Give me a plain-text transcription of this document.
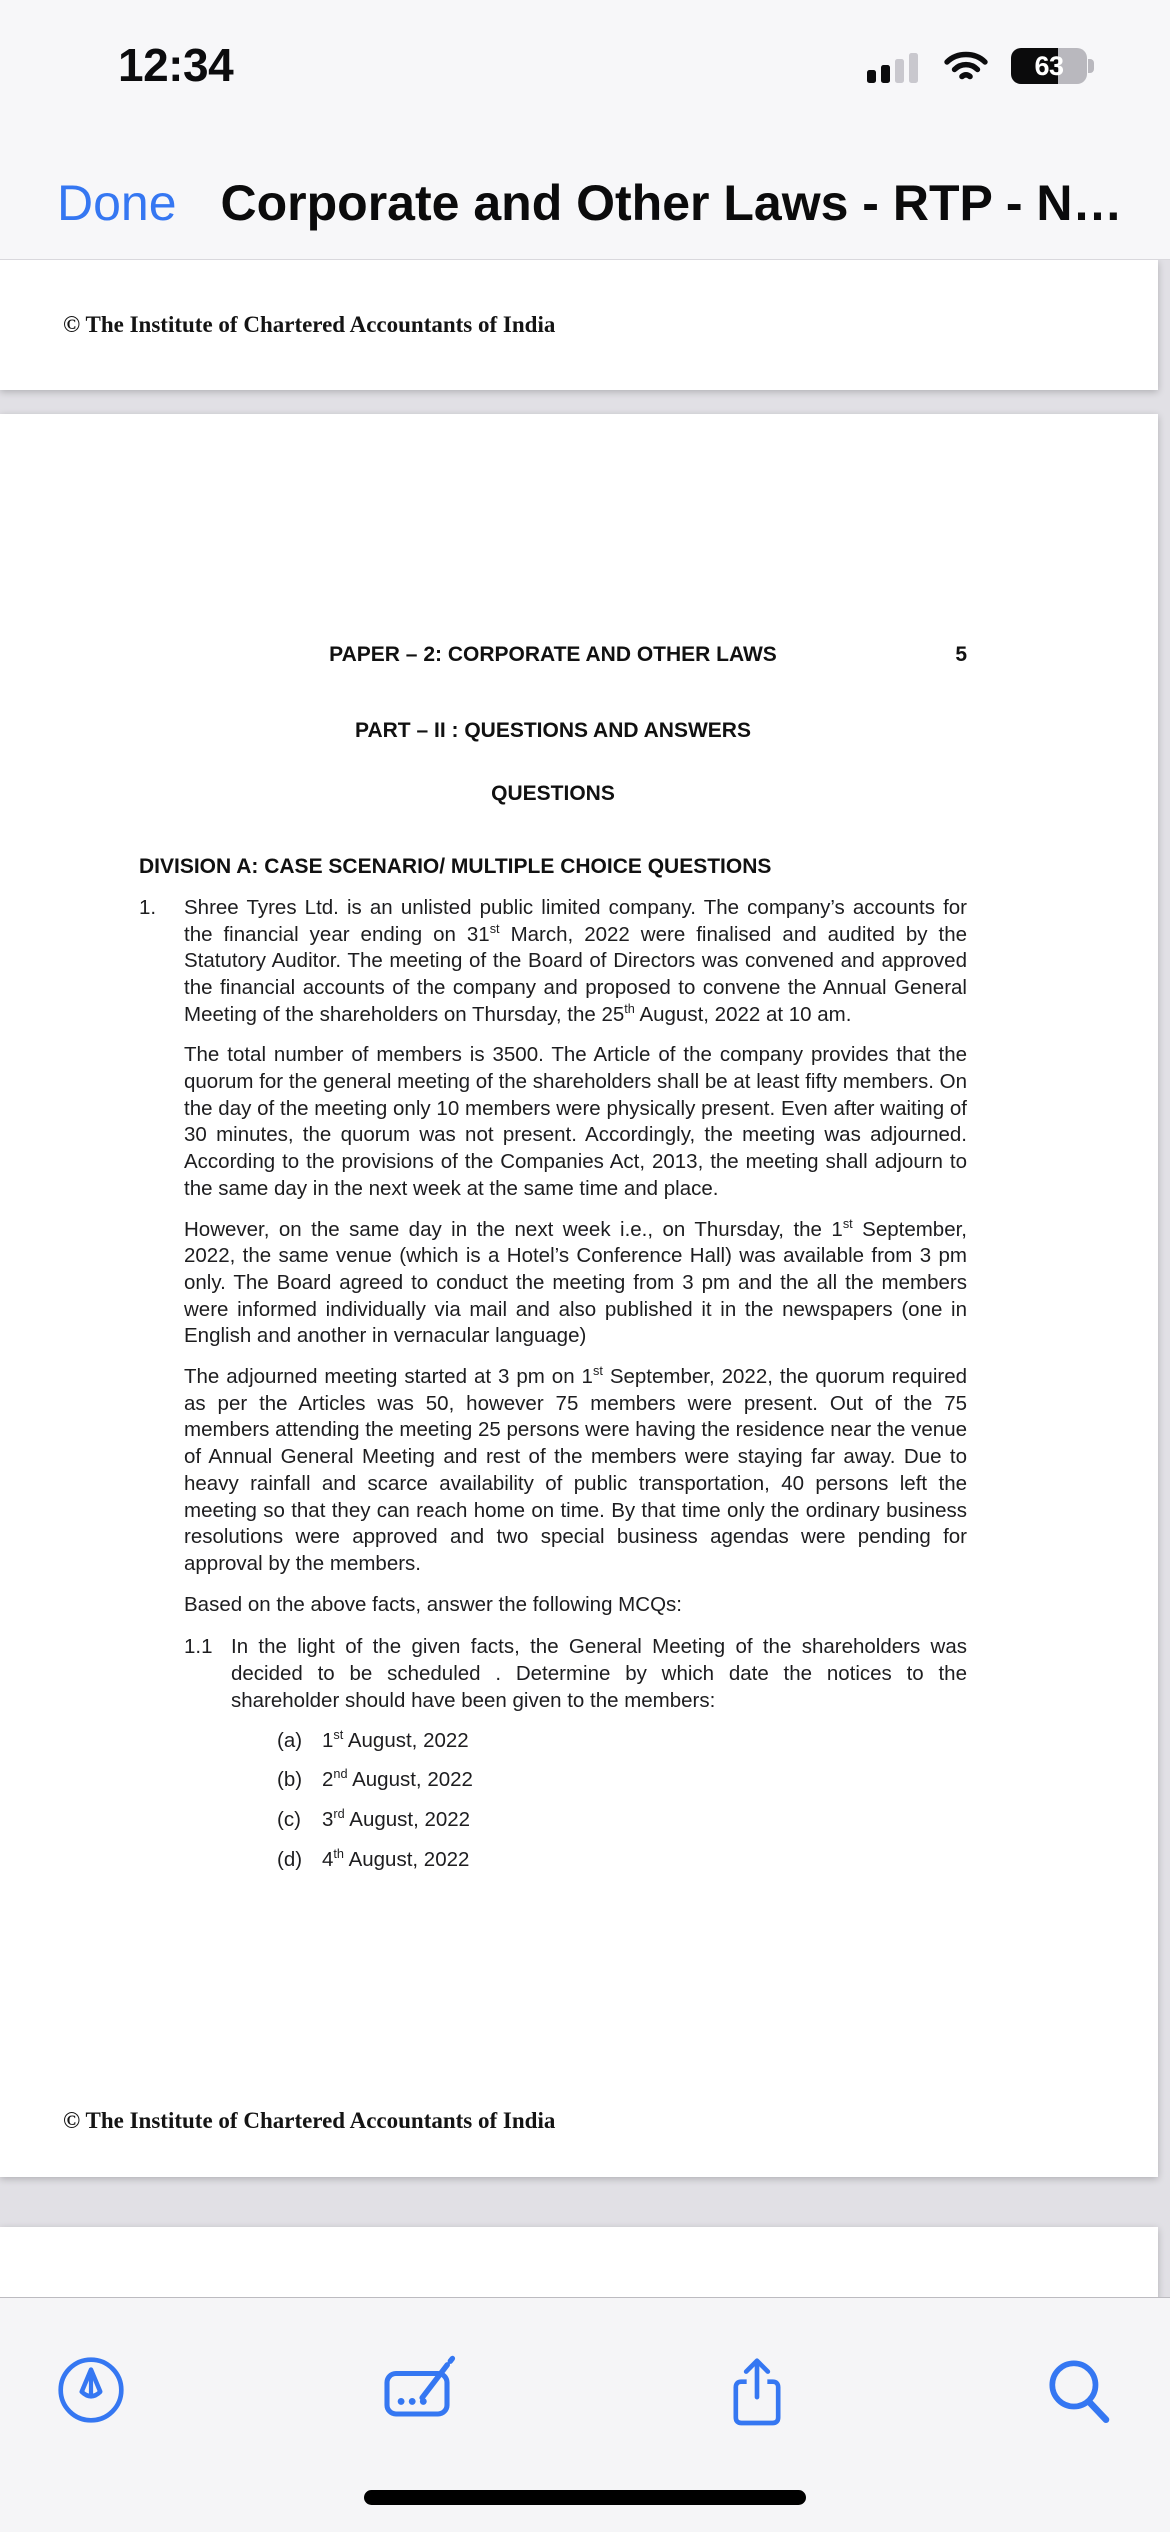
12:34	63
Done Corporate and Other Laws - RTP - N…
© The Institute of Chartered Accountants of India
PAPER – 2: CORPORATE AND OTHER LAWS	5
PART – II : QUESTIONS AND ANSWERS
QUESTIONS
DIVISION A: CASE SCENARIO/ MULTIPLE CHOICE QUESTIONS
1. Shree Tyres Ltd. is an unlisted public limited company. The company’s accounts for the financial year ending on 31st March, 2022 were finalised and audited by the Statutory Auditor. The meeting of the Board of Directors was convened and approved the financial accounts of the company and proposed to convene the Annual General Meeting of the shareholders on Thursday, the 25th August, 2022 at 10 am.

The total number of members is 3500. The Article of the company provides that the quorum for the general meeting of the shareholders shall be at least fifty members. On the day of the meeting only 10 members were physically present. Even after waiting of 30 minutes, the quorum was not present. Accordingly, the meeting was adjourned. According to the provisions of the Companies Act, 2013, the meeting shall adjourn to the same day in the next week at the same time and place.

However, on the same day in the next week i.e., on Thursday, the 1st September, 2022, the same venue (which is a Hotel’s Conference Hall) was available from 3 pm only. The Board agreed to conduct the meeting from 3 pm and the all the members were informed individually via mail and also published it in the newspapers (one in English and another in vernacular language)

The adjourned meeting started at 3 pm on 1st September, 2022, the quorum required as per the Articles was 50, however 75 members were present. Out of the 75 members attending the meeting 25 persons were having the residence near the venue of Annual General Meeting and rest of the members were staying far away. Due to heavy rainfall and scarce availability of public transportation, 40 persons left the meeting so that they can reach home on time. By that time only the ordinary business resolutions were approved and two special business agendas were pending for approval by the members.

Based on the above facts, answer the following MCQs:

1.1 In the light of the given facts, the General Meeting of the shareholders was decided to be scheduled . Determine by which date the notices to the shareholder should have been given to the members:
(a) 1st August, 2022
(b) 2nd August, 2022
(c)	3rd August, 2022
(d) 4th August, 2022
© The Institute of Chartered Accountants of India
